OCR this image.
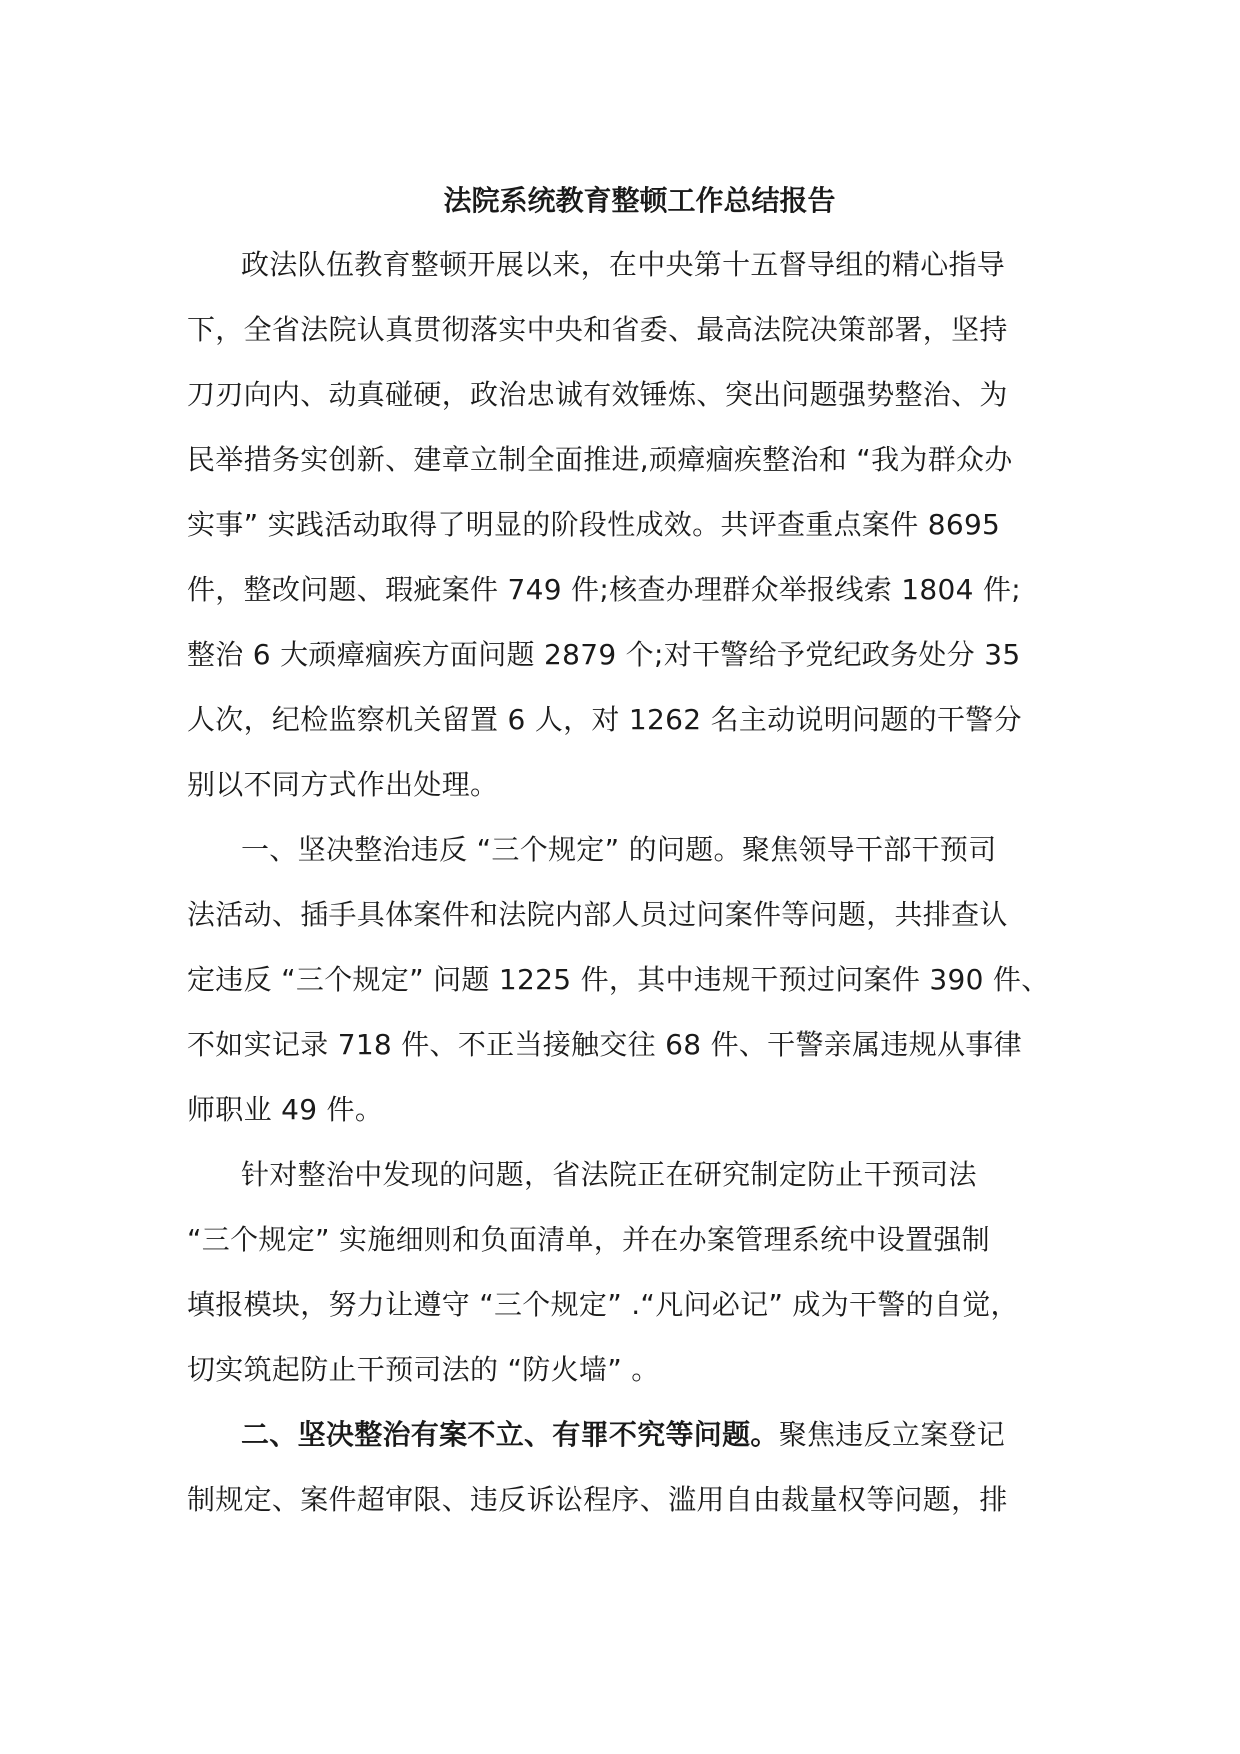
法院系统教育整顿工作总结报告

政法队伍教育整顿开展以来，在中央第十五督导组的精心指导
下，全省法院认真贯彻落实中央和省委、最高法院决策部署，坚持
刀刃向内、动真碰硬，政治忠诚有效锤炼、突出问题强势整治、为
民举措务实创新、建章立制全面推进,顽瘴痼疾整治和 “我为群众办
实事” 实践活动取得了明显的阶段性成效。共评查重点案件 8695
件，整改问题、瑕疵案件 749 件;核查办理群众举报线索 1804 件;
整治 6 大顽瘴痼疾方面问题 2879 个;对干警给予党纪政务处分 35
人次，纪检监察机关留置 6 人，对 1262 名主动说明问题的干警分
别以不同方式作出处理。

一、坚决整治违反 “三个规定” 的问题。聚焦领导干部干预司
法活动、插手具体案件和法院内部人员过问案件等问题，共排查认
定违反 “三个规定” 问题 1225 件，其中违规干预过问案件 390 件、
不如实记录 718 件、不正当接触交往 68 件、干警亲属违规从事律
师职业 49 件。

针对整治中发现的问题，省法院正在研究制定防止干预司法
“三个规定” 实施细则和负面清单，并在办案管理系统中设置强制
填报模块，努力让遵守 “三个规定” .“凡问必记” 成为干警的自觉，
切实筑起防止干预司法的 “防火墙” 。

二、坚决整治有案不立、有罪不究等问题。聚焦违反立案登记
制规定、案件超审限、违反诉讼程序、滥用自由裁量权等问题，排
